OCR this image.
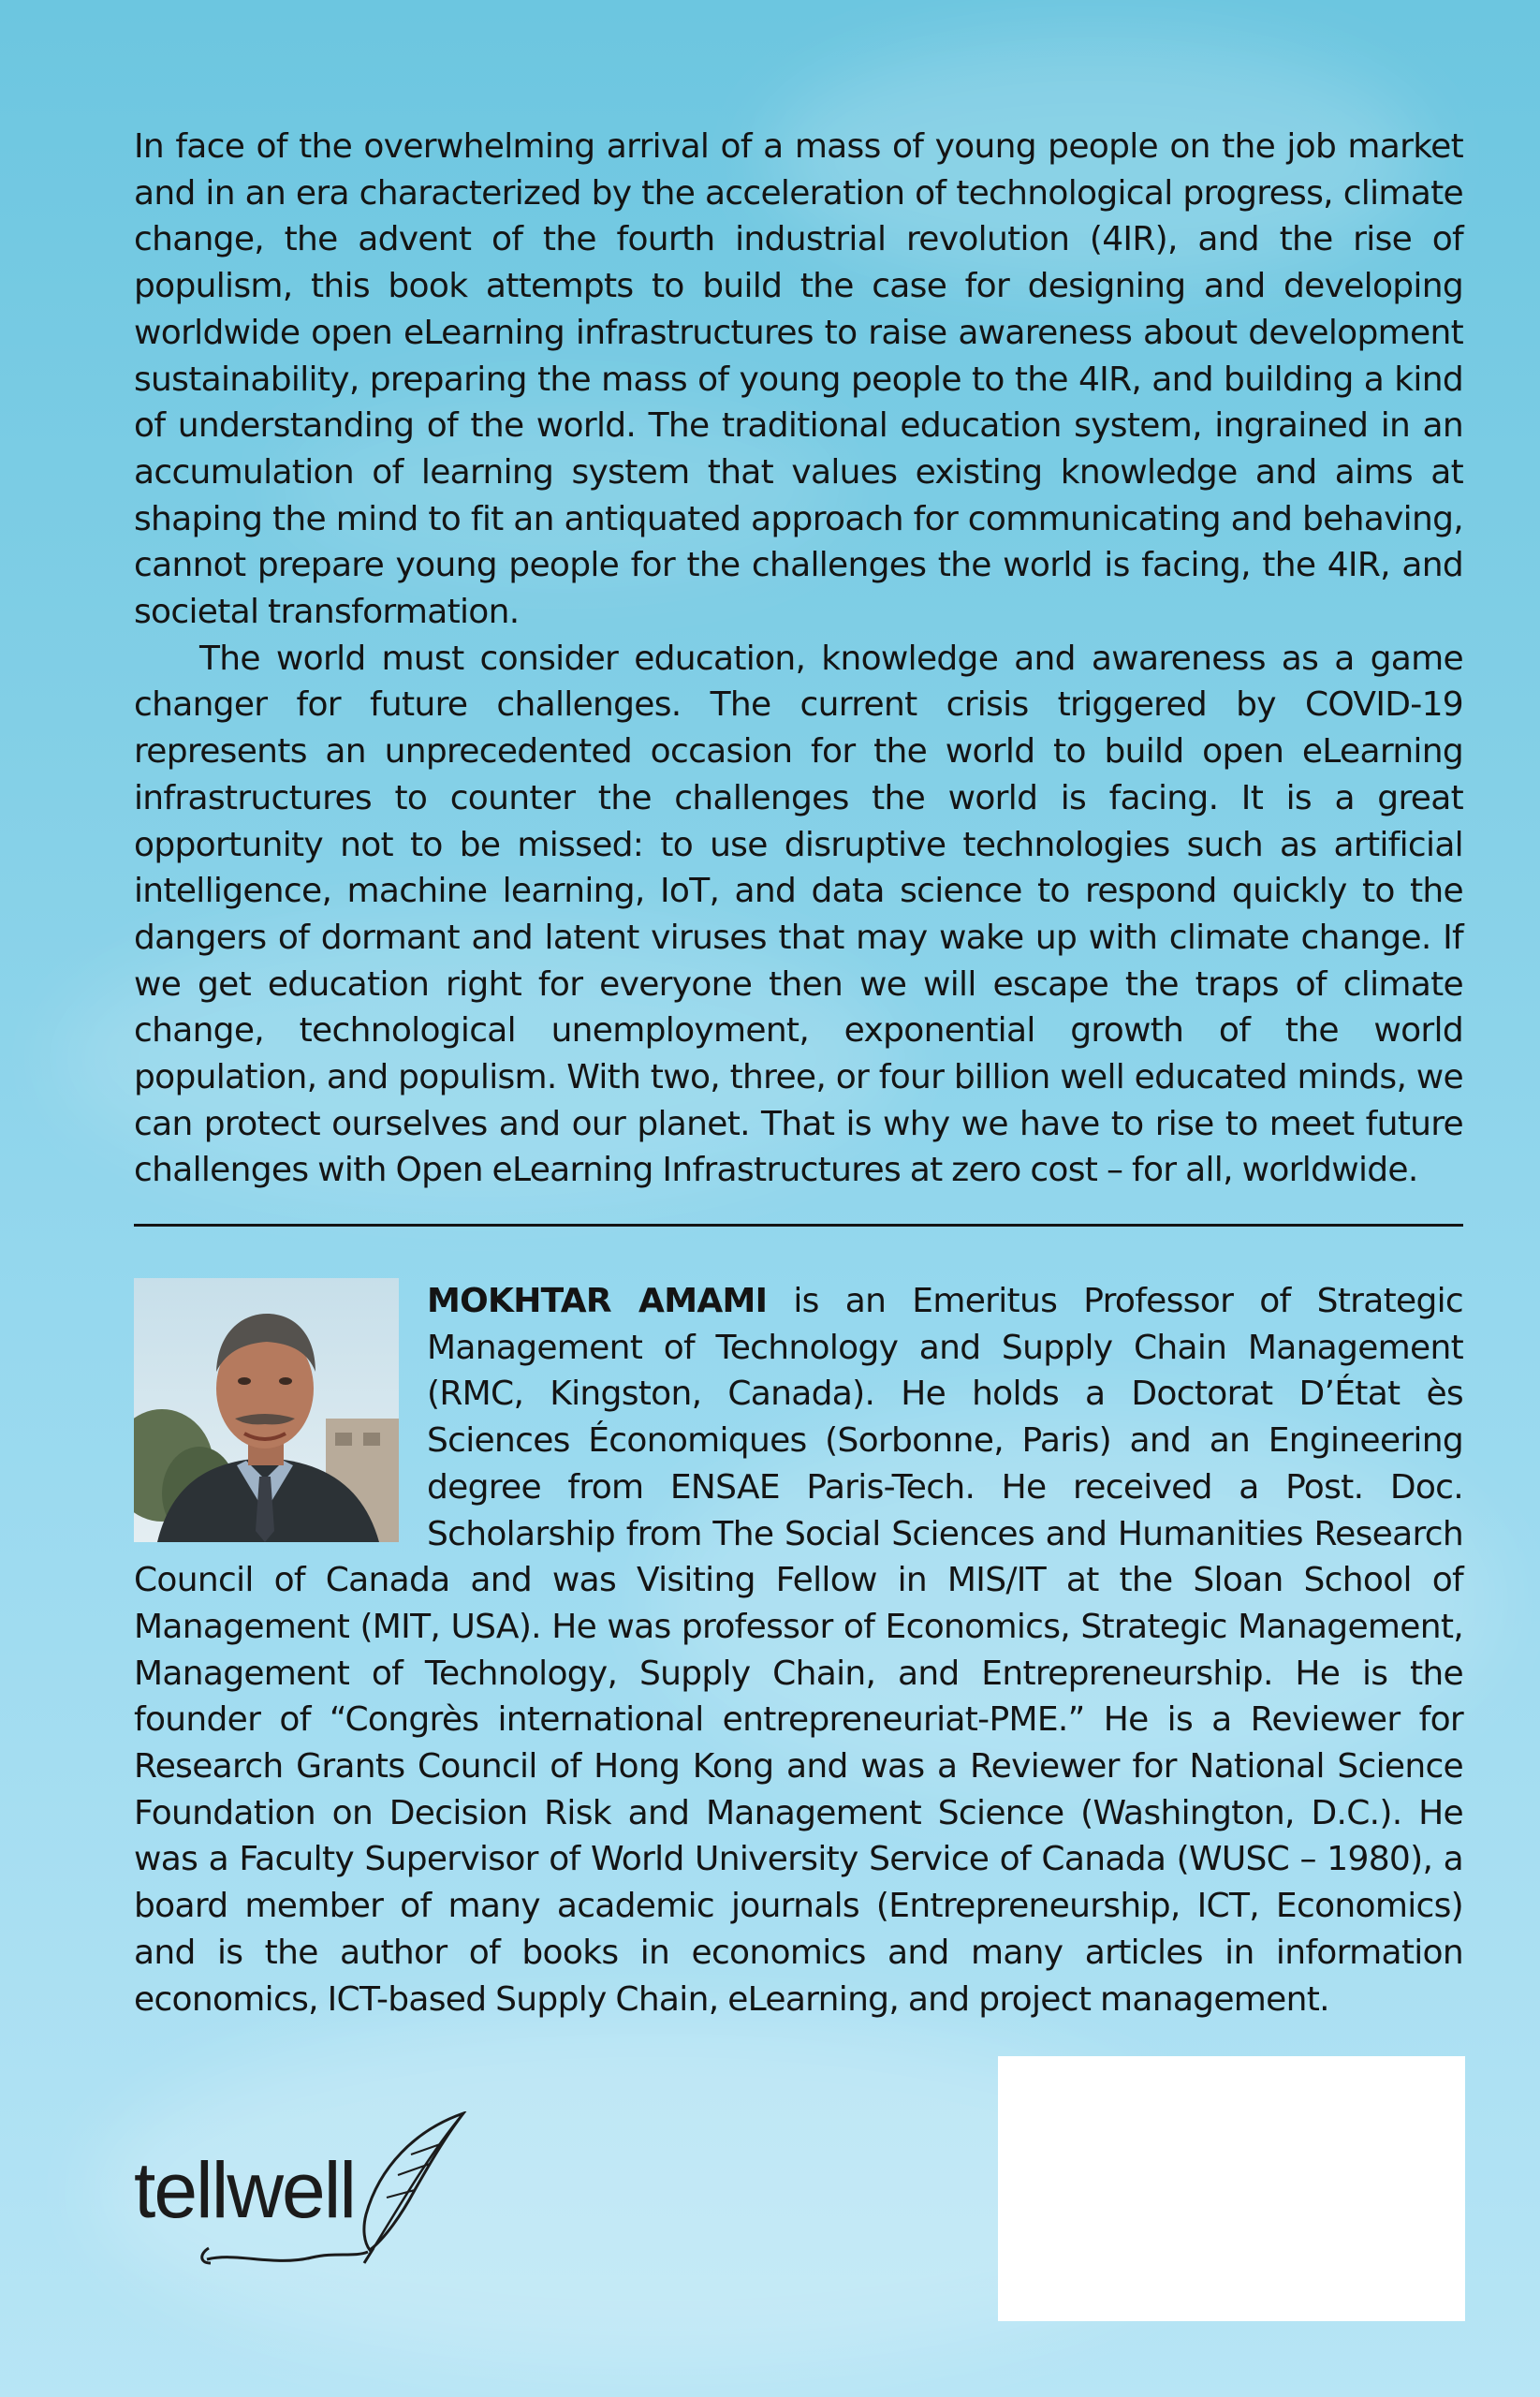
In face of the overwhelming arrival of a mass of young people on the job market and in an era characterized by the acceleration of technological progress, climate change, the advent of the fourth industrial revolution (4IR), and the rise of populism, this book attempts to build the case for designing and developing worldwide open eLearning infrastructures to raise awareness about development sustainability, preparing the mass of young people to the 4IR, and building a kind of understanding of the world. The traditional education system, ingrained in an accumulation of learning system that values existing knowledge and aims at shaping the mind to fit an antiquated approach for communicating and behaving, cannot prepare young people for the challenges the world is facing, the 4IR, and societal transformation.

The world must consider education, knowledge and awareness as a game changer for future challenges. The current crisis triggered by COVID-19 represents an unprecedented occasion for the world to build open eLearning infrastructures to counter the challenges the world is facing. It is a great opportunity not to be missed: to use disruptive technologies such as artificial intelligence, machine learning, IoT, and data science to respond quickly to the dangers of dormant and latent viruses that may wake up with climate change. If we get education right for everyone then we will escape the traps of climate change, technological unemployment, exponential growth of the world population, and populism. With two, three, or four billion well educated minds, we can protect ourselves and our planet. That is why we have to rise to meet future challenges with Open eLearning Infrastructures at zero cost – for all, worldwide.

MOKHTAR AMAMI is an Emeritus Professor of Strategic Management of Technology and Supply Chain Management (RMC, Kingston, Canada). He holds a Doctorat D’État ès Sciences Économiques (Sorbonne, Paris) and an Engineering degree from ENSAE Paris-Tech. He received a Post. Doc. Scholarship from The Social Sciences and Humanities Research Council of Canada and was Visiting Fellow in MIS/IT at the Sloan School of Management (MIT, USA). He was professor of Economics, Strategic Management, Management of Technology, Supply Chain, and Entrepreneurship. He is the founder of “Congrès international entrepreneuriat-PME.” He is a Reviewer for Research Grants Council of Hong Kong and was a Reviewer for National Science Foundation on Decision Risk and Management Science (Washington, D.C.). He was a Faculty Supervisor of World University Service of Canada (WUSC – 1980), a board member of many academic journals (Entrepreneurship, ICT, Economics) and is the author of books in economics and many articles in information economics, ICT-based Supply Chain, eLearning, and project management.

tellwell
